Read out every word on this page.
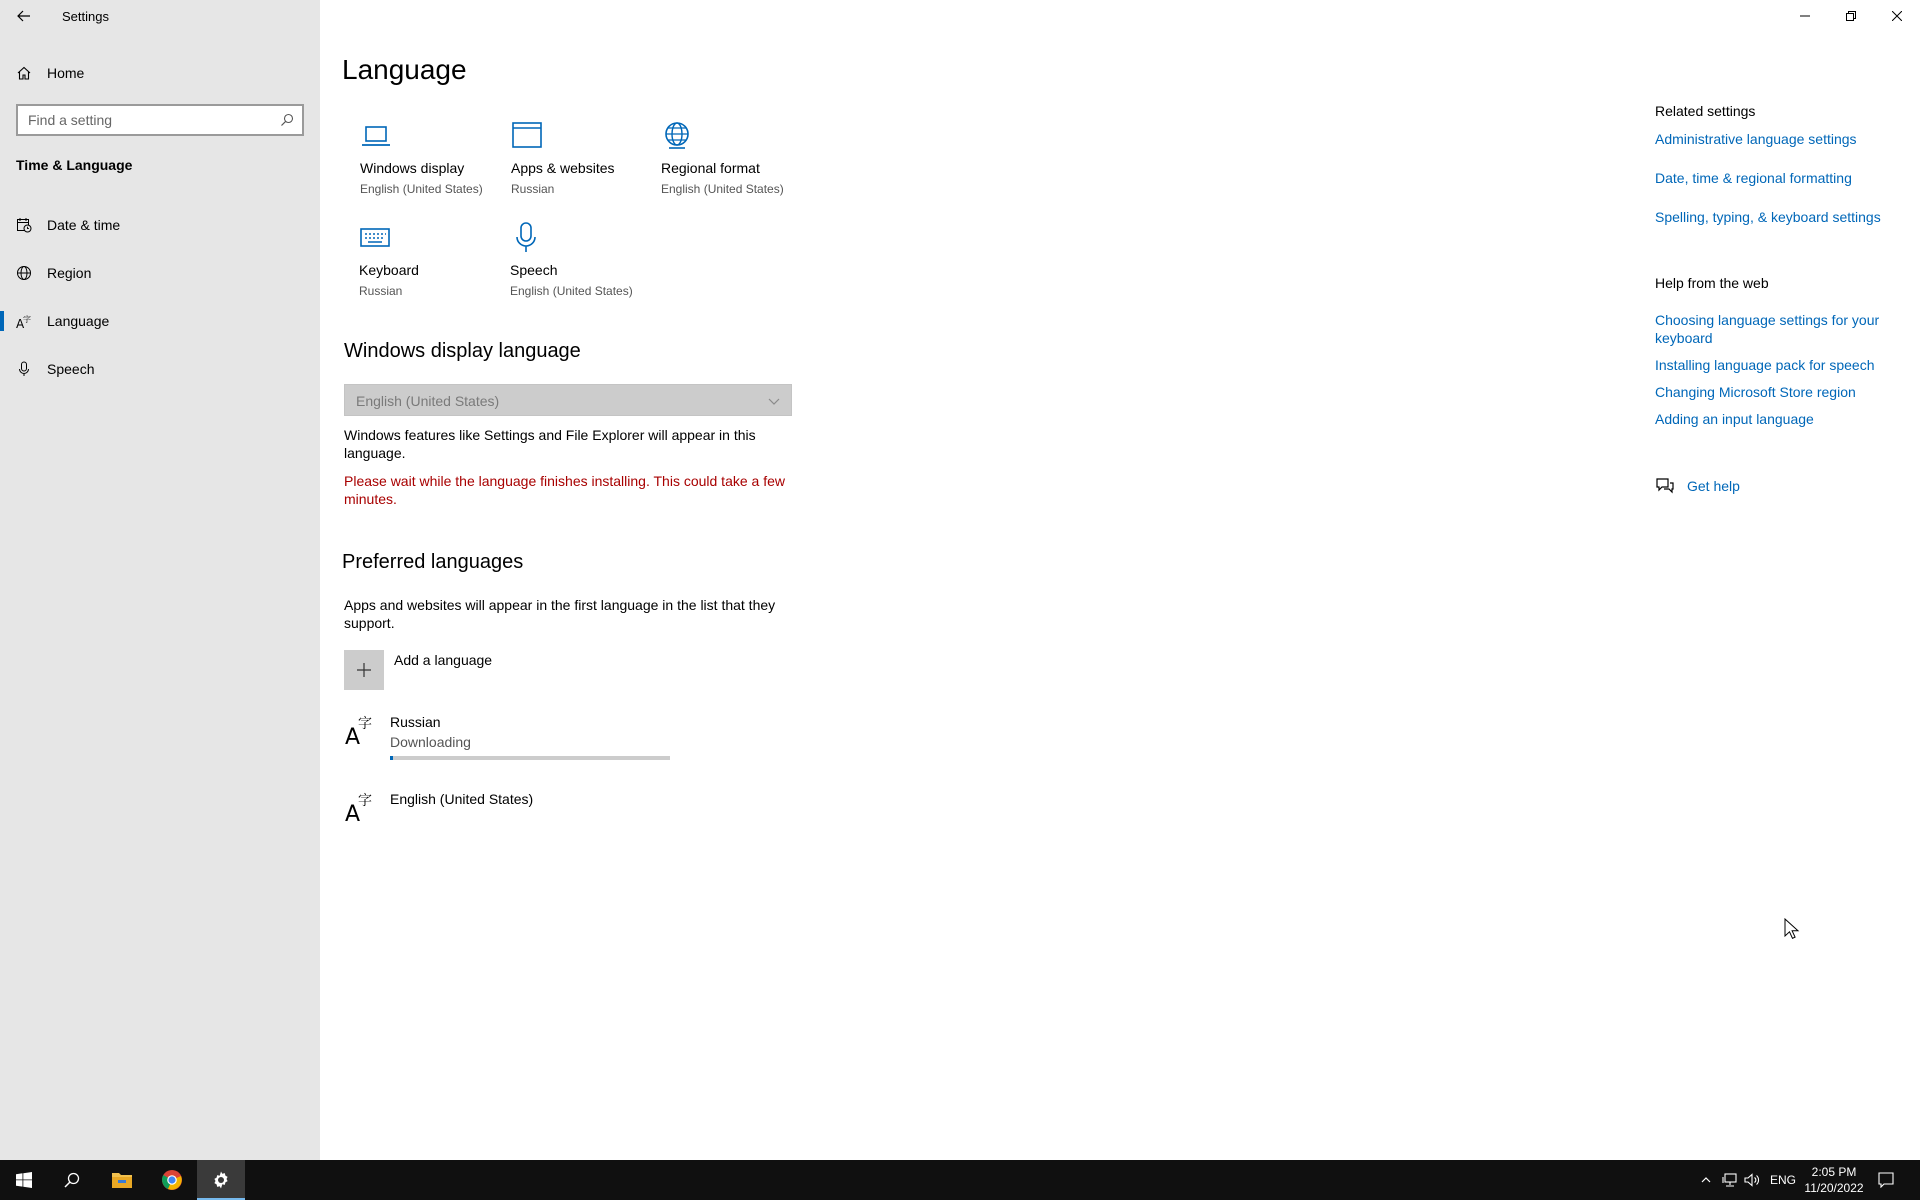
Settings
Home
Find a setting
Time & Language
Date & time
Region
A
字 Language
Speech
Language
Windows display
English (United States)
Apps & websites
Russian
Regional format
English (United States)
Keyboard
Russian
Speech
English (United States)
Windows display language
English (United States)
Windows features like Settings and File Explorer will appear in this language.
Please wait while the language finishes installing. This could take a few minutes.
Preferred languages
Apps and websites will appear in the first language in the list that they support.
Add a language
A
字 Russian
Downloading
A
字 English (United States)
Related settings
Administrative language settings
Date, time & regional formatting
Spelling, typing, & keyboard settings
Help from the web
Choosing language settings for your keyboard
Installing language pack for speech
Changing Microsoft Store region
Adding an input language
Get help
ENG
2:05 PM
11/20/2022
